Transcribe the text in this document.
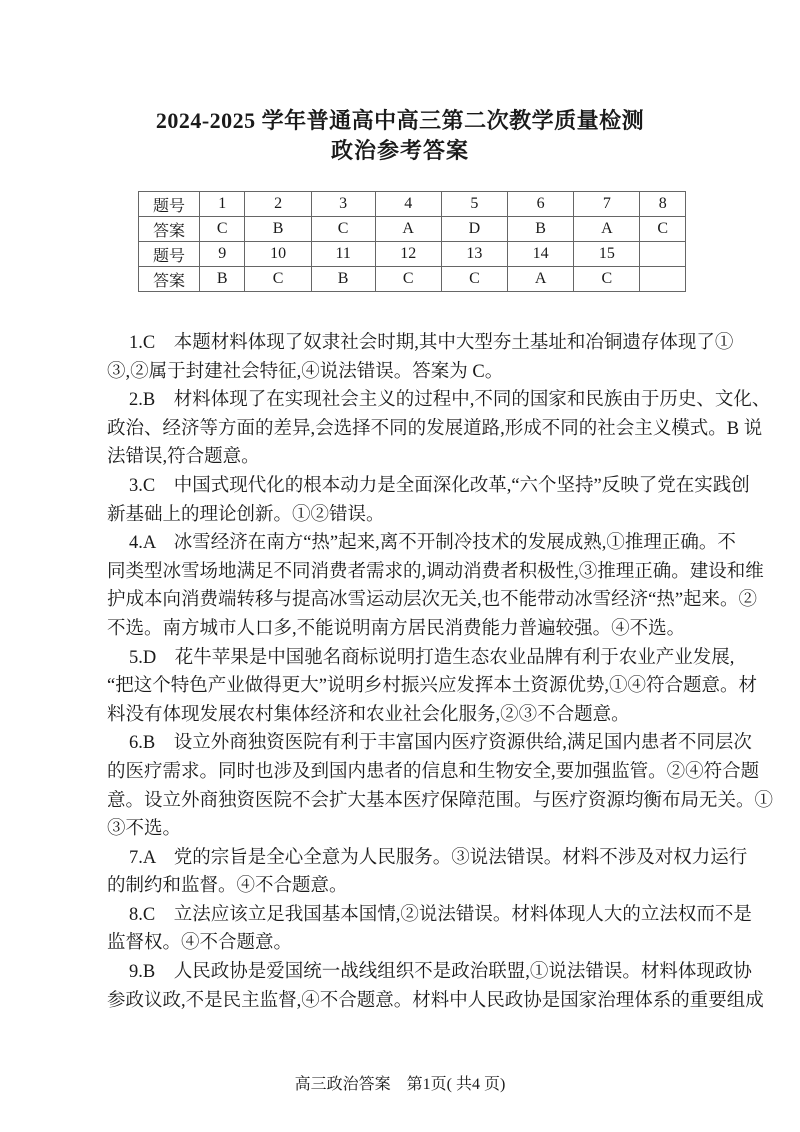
2024-2025 学年普通高中高三第二次教学质量检测
政治参考答案
题号	1	2	3	4	5	6	7	8
答案	C	B	C	A	D	B	A	C
题号	9	10	11	12	13	14	15	
答案	B	C	B	C	C	A	C	
1.C　本题材料体现了奴隶社会时期,其中大型夯土基址和冶铜遗存体现了①
③,②属于封建社会特征,④说法错误。答案为 C。
2.B　材料体现了在实现社会主义的过程中,不同的国家和民族由于历史、文化、
政治、经济等方面的差异,会选择不同的发展道路,形成不同的社会主义模式。B 说
法错误,符合题意。
3.C　中国式现代化的根本动力是全面深化改革,“六个坚持”反映了党在实践创
新基础上的理论创新。①②错误。
4.A　冰雪经济在南方“热”起来,离不开制冷技术的发展成熟,①推理正确。不
同类型冰雪场地满足不同消费者需求的,调动消费者积极性,③推理正确。建设和维
护成本向消费端转移与提高冰雪运动层次无关,也不能带动冰雪经济“热”起来。②
不选。南方城市人口多,不能说明南方居民消费能力普遍较强。④不选。
5.D　花牛苹果是中国驰名商标说明打造生态农业品牌有利于农业产业发展,
“把这个特色产业做得更大”说明乡村振兴应发挥本土资源优势,①④符合题意。材
料没有体现发展农村集体经济和农业社会化服务,②③不合题意。
6.B　设立外商独资医院有利于丰富国内医疗资源供给,满足国内患者不同层次
的医疗需求。同时也涉及到国内患者的信息和生物安全,要加强监管。②④符合题
意。设立外商独资医院不会扩大基本医疗保障范围。与医疗资源均衡布局无关。①
③不选。
7.A　党的宗旨是全心全意为人民服务。③说法错误。材料不涉及对权力运行
的制约和监督。④不合题意。
8.C　立法应该立足我国基本国情,②说法错误。材料体现人大的立法权而不是
监督权。④不合题意。
9.B　人民政协是爱国统一战线组织不是政治联盟,①说法错误。材料体现政协
参政议政,不是民主监督,④不合题意。材料中人民政协是国家治理体系的重要组成
高三政治答案　第1页( 共4 页)
